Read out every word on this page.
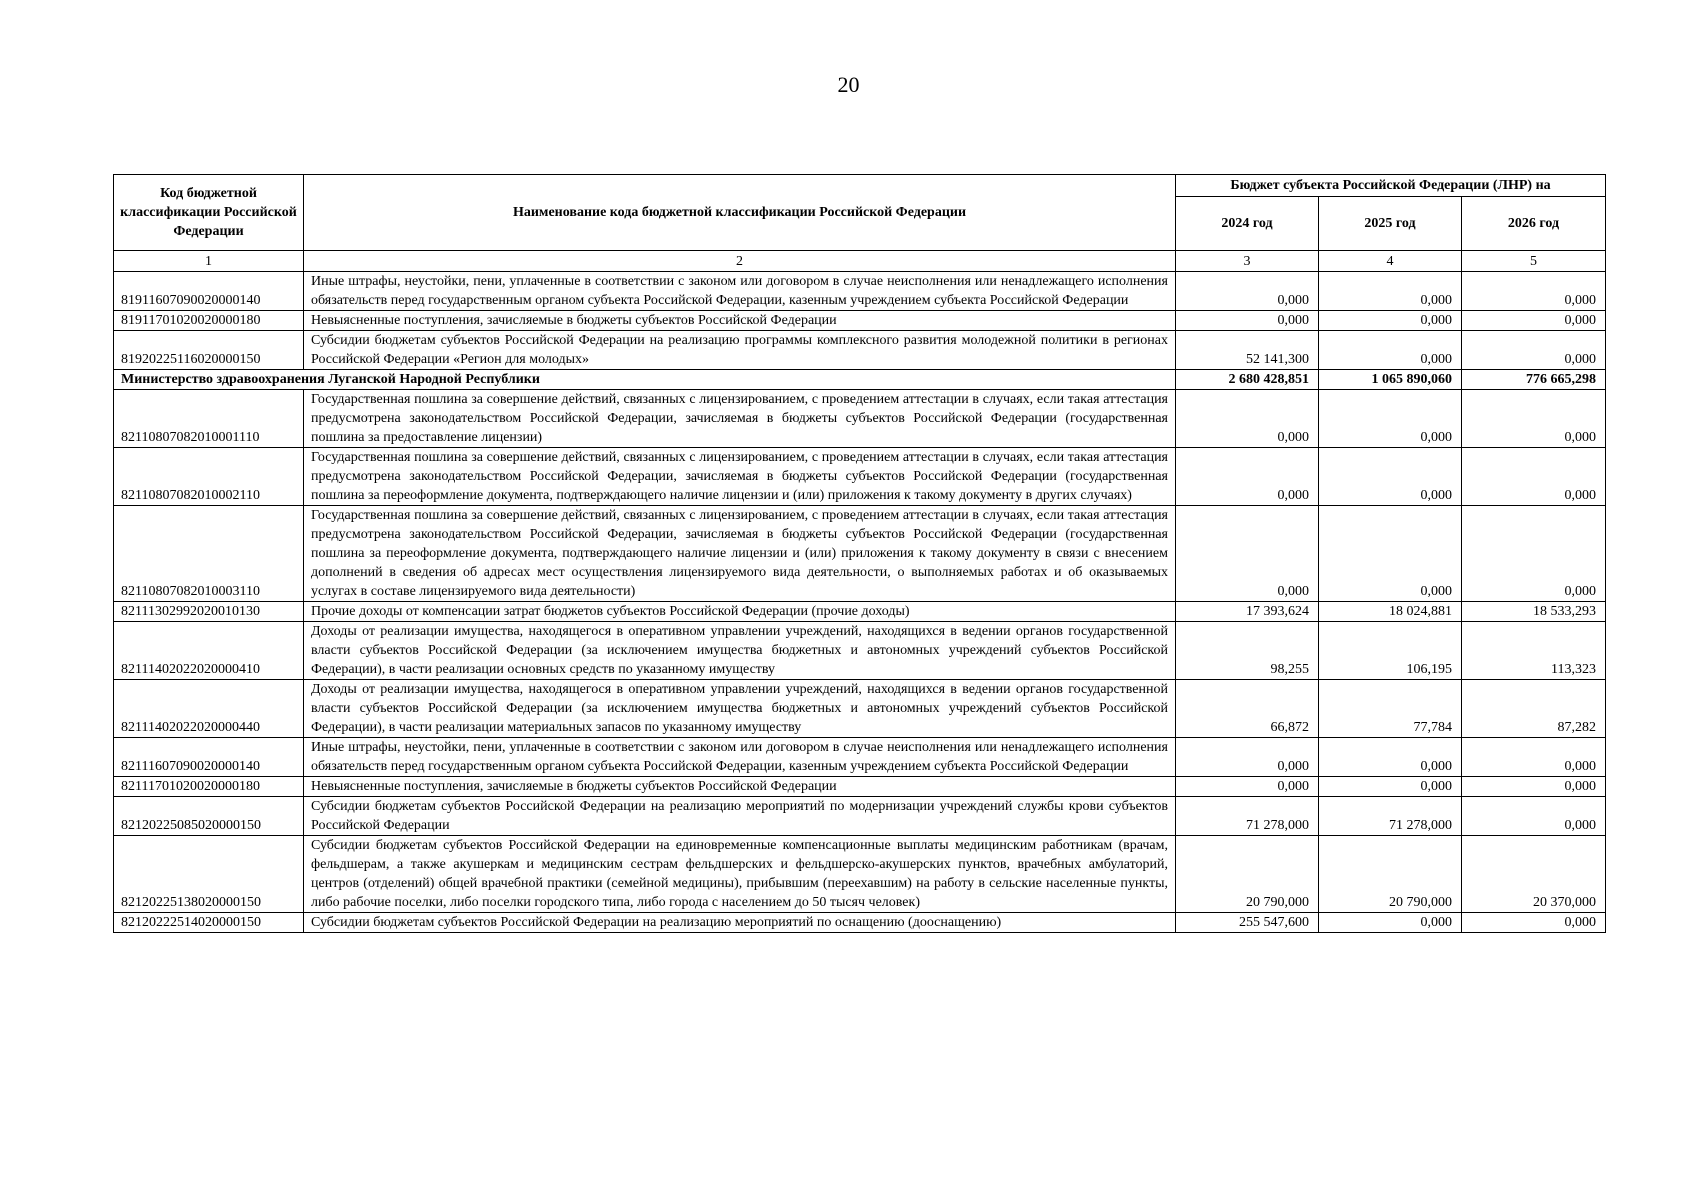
20
Код бюджетной классификации Российской Федерации	Наименование кода бюджетной классификации Российской Федерации	Бюджет субъекта Российской Федерации (ЛНР) на		
		2024 год	2025 год	2026 год
1	2	3	4	5
81911607090020000140	Иные штрафы, неустойки, пени, уплаченные в соответствии с законом или договором в случае неисполнения или ненадлежащего исполнения обязательств перед государственным органом субъекта Российской Федерации, казенным учреждением субъекта Российской Федерации	0,000	0,000	0,000
81911701020020000180	Невыясненные поступления, зачисляемые в бюджеты субъектов Российской Федерации	0,000	0,000	0,000
81920225116020000150	Субсидии бюджетам субъектов Российской Федерации на реализацию программы комплексного развития молодежной политики в регионах Российской Федерации «Регион для молодых»	52 141,300	0,000	0,000
Министерство здравоохранения Луганской Народной Республики		2 680 428,851	1 065 890,060	776 665,298
82110807082010001110	Государственная пошлина за совершение действий, связанных с лицензированием, с проведением аттестации в случаях, если такая аттестация предусмотрена законодательством Российской Федерации, зачисляемая в бюджеты субъектов Российской Федерации (государственная пошлина за предоставление лицензии)	0,000	0,000	0,000
82110807082010002110	Государственная пошлина за совершение действий, связанных с лицензированием, с проведением аттестации в случаях, если такая аттестация предусмотрена законодательством Российской Федерации, зачисляемая в бюджеты субъектов Российской Федерации (государственная пошлина за переоформление документа, подтверждающего наличие лицензии и (или) приложения к такому документу в других случаях)	0,000	0,000	0,000
82110807082010003110	Государственная пошлина за совершение действий, связанных с лицензированием, с проведением аттестации в случаях, если такая аттестация предусмотрена законодательством Российской Федерации, зачисляемая в бюджеты субъектов Российской Федерации (государственная пошлина за переоформление документа, подтверждающего наличие лицензии и (или) приложения к такому документу в связи с внесением дополнений в сведения об адресах мест осуществления лицензируемого вида деятельности, о выполняемых работах и об оказываемых услугах в составе лицензируемого вида деятельности)	0,000	0,000	0,000
82111302992020010130	Прочие доходы от компенсации затрат бюджетов субъектов Российской Федерации (прочие доходы)	17 393,624	18 024,881	18 533,293
82111402022020000410	Доходы от реализации имущества, находящегося в оперативном управлении учреждений, находящихся в ведении органов государственной власти субъектов Российской Федерации (за исключением имущества бюджетных и автономных учреждений субъектов Российской Федерации), в части реализации основных средств по указанному имуществу	98,255	106,195	113,323
82111402022020000440	Доходы от реализации имущества, находящегося в оперативном управлении учреждений, находящихся в ведении органов государственной власти субъектов Российской Федерации (за исключением имущества бюджетных и автономных учреждений субъектов Российской Федерации), в части реализации материальных запасов по указанному имуществу	66,872	77,784	87,282
82111607090020000140	Иные штрафы, неустойки, пени, уплаченные в соответствии с законом или договором в случае неисполнения или ненадлежащего исполнения обязательств перед государственным органом субъекта Российской Федерации, казенным учреждением субъекта Российской Федерации	0,000	0,000	0,000
82111701020020000180	Невыясненные поступления, зачисляемые в бюджеты субъектов Российской Федерации	0,000	0,000	0,000
82120225085020000150	Субсидии бюджетам субъектов Российской Федерации на реализацию мероприятий по модернизации учреждений службы крови субъектов Российской Федерации	71 278,000	71 278,000	0,000
82120225138020000150	Субсидии бюджетам субъектов Российской Федерации на единовременные компенсационные выплаты медицинским работникам (врачам, фельдшерам, а также акушеркам и медицинским сестрам фельдшерских и фельдшерско-акушерских пунктов, врачебных амбулаторий, центров (отделений) общей врачебной практики (семейной медицины), прибывшим (переехавшим) на работу в сельские населенные пункты, либо рабочие поселки, либо поселки городского типа, либо города с населением до 50 тысяч человек)	20 790,000	20 790,000	20 370,000
82120222514020000150	Субсидии бюджетам субъектов Российской Федерации на реализацию мероприятий по оснащению (дооснащению)	255 547,600	0,000	0,000
